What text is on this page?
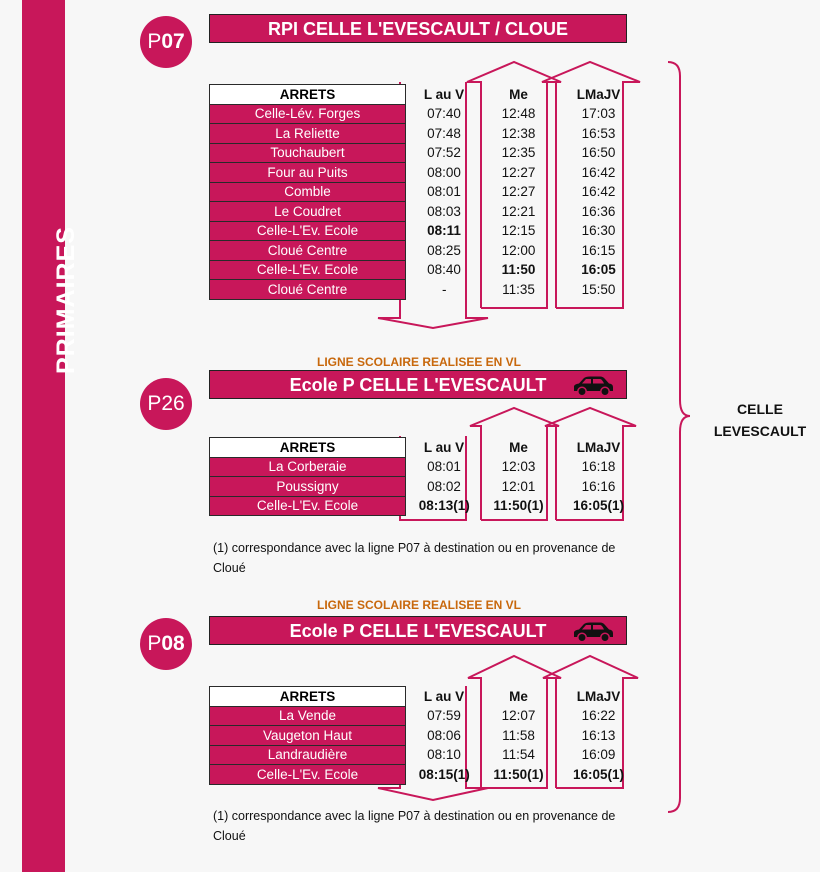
PRIMAIRES
P07
RPI CELLE L'EVESCAULT / CLOUE
ARRETS	L au V	Me	LMaJV
Celle-Lév. Forges	07:40	12:48	17:03
La Reliette	07:48	12:38	16:53
Touchaubert	07:52	12:35	16:50
Four au Puits	08:00	12:27	16:42
Comble	08:01	12:27	16:42
Le Coudret	08:03	12:21	16:36
Celle-L'Ev. Ecole	08:11	12:15	16:30
Cloué Centre	08:25	12:00	16:15
Celle-L'Ev. Ecole	08:40	11:50	16:05
Cloué Centre	-	11:35	15:50
LIGNE SCOLAIRE REALISEE EN VL
P26
Ecole P CELLE L'EVESCAULT
ARRETS	L au V	Me	LMaJV
La Corberaie	08:01	12:03	16:18
Poussigny	08:02	12:01	16:16
Celle-L'Ev. Ecole	08:13(1)	11:50(1)	16:05(1)
(1) correspondance avec la ligne P07 à destination ou en provenance de
Cloué
LIGNE SCOLAIRE REALISEE EN VL
P08
Ecole P CELLE L'EVESCAULT
ARRETS	L au V	Me	LMaJV
La Vende	07:59	12:07	16:22
Vaugeton Haut	08:06	11:58	16:13
Landraudière	08:10	11:54	16:09
Celle-L'Ev. Ecole	08:15(1)	11:50(1)	16:05(1)
(1) correspondance avec la ligne P07 à destination ou en provenance de
Cloué
CELLE
LEVESCAULT
